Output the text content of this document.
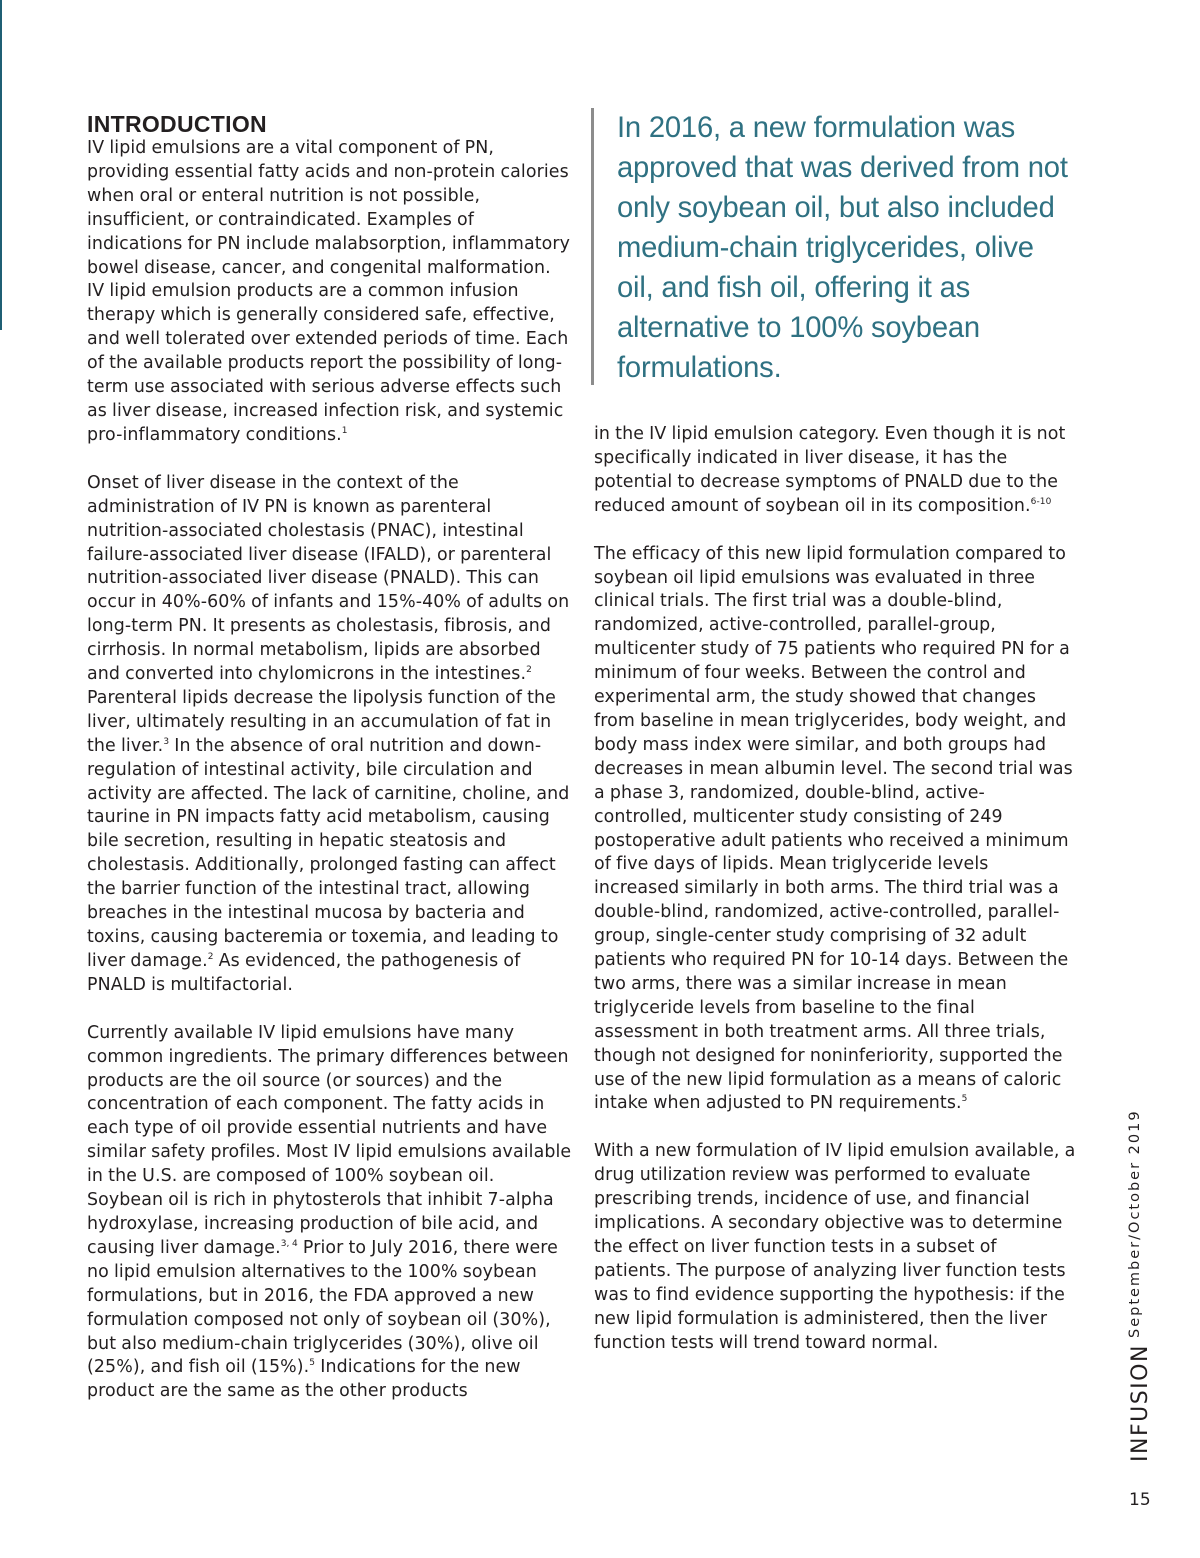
INTRODUCTION

IV lipid emulsions are a vital component of PN, providing essential fatty acids and non-protein calories when oral or enteral nutrition is not possible, insufficient, or contraindicated. Examples of indications for PN include malabsorption, inflammatory bowel disease, cancer, and congenital malformation. IV lipid emulsion products are a common infusion therapy which is generally considered safe, effective, and well tolerated over extended periods of time. Each of the available products report the possibility of long-term use associated with serious adverse effects such as liver disease, increased infection risk, and systemic pro-inflammatory conditions.$^1$

Onset of liver disease in the context of the administration of IV PN is known as parenteral nutrition-associated cholestasis (PNAC), intestinal failure-associated liver disease (IFALD), or parenteral nutrition-associated liver disease (PNALD). This can occur in 40%-60% of infants and 15%-40% of adults on long-term PN. It presents as cholestasis, fibrosis, and cirrhosis. In normal metabolism, lipids are absorbed and converted into chylomicrons in the intestines.$^2$ Parenteral lipids decrease the lipolysis function of the liver, ultimately resulting in an accumulation of fat in the liver.$^3$ In the absence of oral nutrition and down-regulation of intestinal activity, bile circulation and activity are affected. The lack of carnitine, choline, and taurine in PN impacts fatty acid metabolism, causing bile secretion, resulting in hepatic steatosis and cholestasis. Additionally, prolonged fasting can affect the barrier function of the intestinal tract, allowing breaches in the intestinal mucosa by bacteria and toxins, causing bacteremia or toxemia, and leading to liver damage.$^2$ As evidenced, the pathogenesis of PNALD is multifactorial.

Currently available IV lipid emulsions have many common ingredients. The primary differences between products are the oil source (or sources) and the concentration of each component. The fatty acids in each type of oil provide essential nutrients and have similar safety profiles. Most IV lipid emulsions available in the U.S. are composed of 100% soybean oil. Soybean oil is rich in phytosterols that inhibit 7-alpha hydroxylase, increasing production of bile acid, and causing liver damage.$^{3, 4}$ Prior to July 2016, there were no lipid emulsion alternatives to the 100% soybean formulations, but in 2016, the FDA approved a new formulation composed not only of soybean oil (30%), but also medium-chain triglycerides (30%), olive oil (25%), and fish oil (15%).$^5$ Indications for the new product are the same as the other products

In 2016, a new formulation was approved that was derived from not only soybean oil, but also included medium-chain triglycerides, olive oil, and fish oil, offering it as alternative to 100% soybean formulations.

in the IV lipid emulsion category. Even though it is not specifically indicated in liver disease, it has the potential to decrease symptoms of PNALD due to the reduced amount of soybean oil in its composition.$^{6-10}$

The efficacy of this new lipid formulation compared to soybean oil lipid emulsions was evaluated in three clinical trials. The first trial was a double-blind, randomized, active-controlled, parallel-group, multicenter study of 75 patients who required PN for a minimum of four weeks. Between the control and experimental arm, the study showed that changes from baseline in mean triglycerides, body weight, and body mass index were similar, and both groups had decreases in mean albumin level. The second trial was a phase 3, randomized, double-blind, active-controlled, multicenter study consisting of 249 postoperative adult patients who received a minimum of five days of lipids. Mean triglyceride levels increased similarly in both arms. The third trial was a double-blind, randomized, active-controlled, parallel-group, single-center study comprising of 32 adult patients who required PN for 10-14 days. Between the two arms, there was a similar increase in mean triglyceride levels from baseline to the final assessment in both treatment arms. All three trials, though not designed for noninferiority, supported the use of the new lipid formulation as a means of caloric intake when adjusted to PN requirements.$^5$

With a new formulation of IV lipid emulsion available, a drug utilization review was performed to evaluate prescribing trends, incidence of use, and financial implications. A secondary objective was to determine the effect on liver function tests in a subset of patients. The purpose of analyzing liver function tests was to find evidence supporting the hypothesis: if the new lipid formulation is administered, then the liver function tests will trend toward normal.

September/October 2019
INFUSION
15
